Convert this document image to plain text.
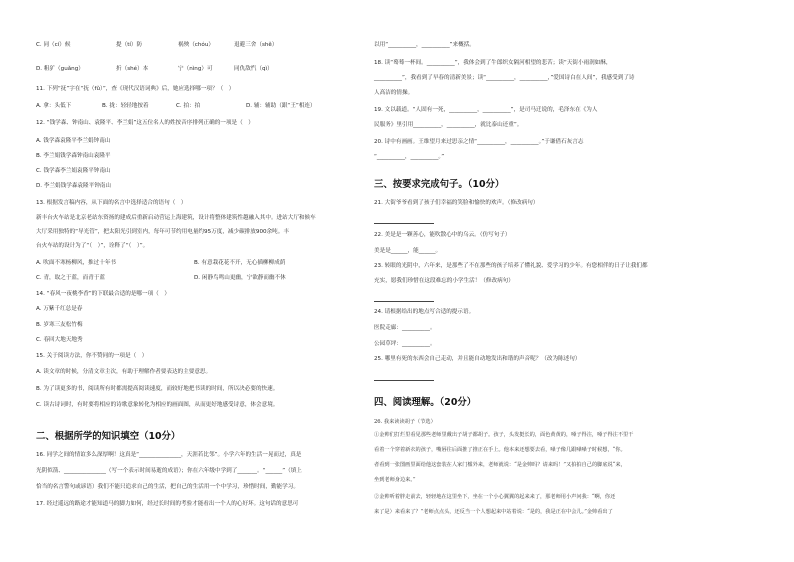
C. 同（cí）候	提（tí）防	祸殃（chóu）	退避三舍（shě）
D. 粗犷（guǎng）	折（shé）本	宁（nìng）可	同仇敌忾（qì）
11. 下列“抚”字在“抚（fǔ）”，查《现代汉语词典》后，她应选择哪一项？（　）
A. 拿：头低下	B. 拢：轻轻地按着	C. 拍：拍	D. 辅：辅助（跟“王”相连）
12. “钱学森、钟南山、袁隆平、李兰娟”这五位名人的姓按音序排列正确的一项是（　）
A. 钱学森袁隆平李兰娟钟南山
B. 李兰娟钱学森钟南山袁隆平
C. 钱学森李兰娟袁隆平钟南山
D. 李兰娟钱学森袁隆平钟南山
13. 根据发言稿内容，从下面的名言中选择适合的语句（　）
新丰台火车站是北京老站东资扬的建成后重新启动营运上海建筑，设计将整体建筑性越融入其中。进站大厅和候车
大厅采用独特的“导光管”，把太阳光引到室内，每年可节约用电量约95万度，减少碳排放900余吨。丰
台火车站的设计为了“（　）”，诠释了“（　）”。
A. 吹面不寒杨柳风，推过十年书	B. 有意栽花花不开，无心插柳柳成荫
C. 青，取之于蓝，而青于蓝	D. 闲静鸟鸣山更幽，宁欲静而幽不休
14. “春风一夜桃李香”的下联最合适的是哪一项（　）
A. 万紫千红总是春
B. 岁寒三友松竹梅
C. 春回大地天地秀
15. 关于阅读方法，你不赞同的一项是（　）
A. 读文章的时候，分清文章主次，有助于理解作者要表达的主要意思。
B. 为了读更多的书，阅读所有时都需提高阅读速度，而较好地把书读的时间，所以决必要的快速。
C. 读古诗词时，有时要将相应的诗歌意象转化为相应的画面图，从而更好地感受诗意，体会意境。
二、根据所学的知识填空（10分）
16. 同学之间的情谊多么深厚啊！这真是“_______________，天涯若比邻”。小学六年的生活一晃而过，真是
光阴似箭、_______________（写一个表示时间易逝的成语）；你在六年级中学到了_______。“______”（填上
恰当的名言警句或谚语）我们不能只追求自己的生活，把自己的生活用一个中学习，珍惜时间，勤能学习。
17. 经过遥远的路途才能知道马的脚力如何，经过长时间的考验才能看出一个人的心好坏。这句话的意思可
以用“__________，__________”来概括。
18. 读“蓦蓦一杯间。__________”，我体会到了牛郎织女隔河相望的悲苦；读“天街小雨润如酥，
__________”，我看到了早春的清新美景；读“__________，__________，”爱国诗白在人间”，我感受到了诗
人高洁的情操。
19. 文以载道。“人固有一死，__________，__________”，是司马迁说的，毛泽东在《为人
民服务》里引用__________，__________，就比泰山还重”。
20. 诗中有画画。王维望月来过思亲之情“__________，__________。”于谦借石灰言志
“__________，__________。”
三、按要求完成句子。（10分）
21. 大街爷爷看到了孩子们幸福的笑脸和愉快的欢声。（修改病句）
22. 美是是一颗善心，能吹散心中的乌云。（仿写句子）
美是是______，能______。
23. 转眼的光阴中，六年来，是那些了不在那些的孩子培养了懂礼貌、爱学习的少年。有您相伴的日子让我们都
充实，愿我们珍惜在这段难忘的小学生活！（修改病句）
24. 请根据给出的地点写合适的提示语。
医院走廊：__________。
公园草坪：__________。
25. 哪里有死的东西会自己走动，并且能自动地发出和谐的声音呢？（改为陈述句）
四、阅读理解。（20分）
26. 我来读读胡子（节选）
①金帅们打烂里看见那些老师里戴出子胡子都胡子。孩子，头发挺长的，面色黄黄的，嗓子得注，嗓子得注不里干
看着一个穿着新衣的孩子，嘴唇往后面推了推正在手上。他本来还想要去看，嗓子像几跟嗓嗓子时候想，“你。
者看到一张图画里面给他这套装在人家门槛外来，老师就说：“是金帅吗？请来吗！”又拍拍自己的脚底说“来，
坐到老师身边来。”
②金帅听着胖走前去，轻轻地在这里坐下，坐在一个小心翼翼的起来来了，那老师用小声问我：“啊，你还
来了是）来看来了？”老师点点头，还反当一个人想起来中站着说：“是的，我是正在中会儿。”金帅看出了
